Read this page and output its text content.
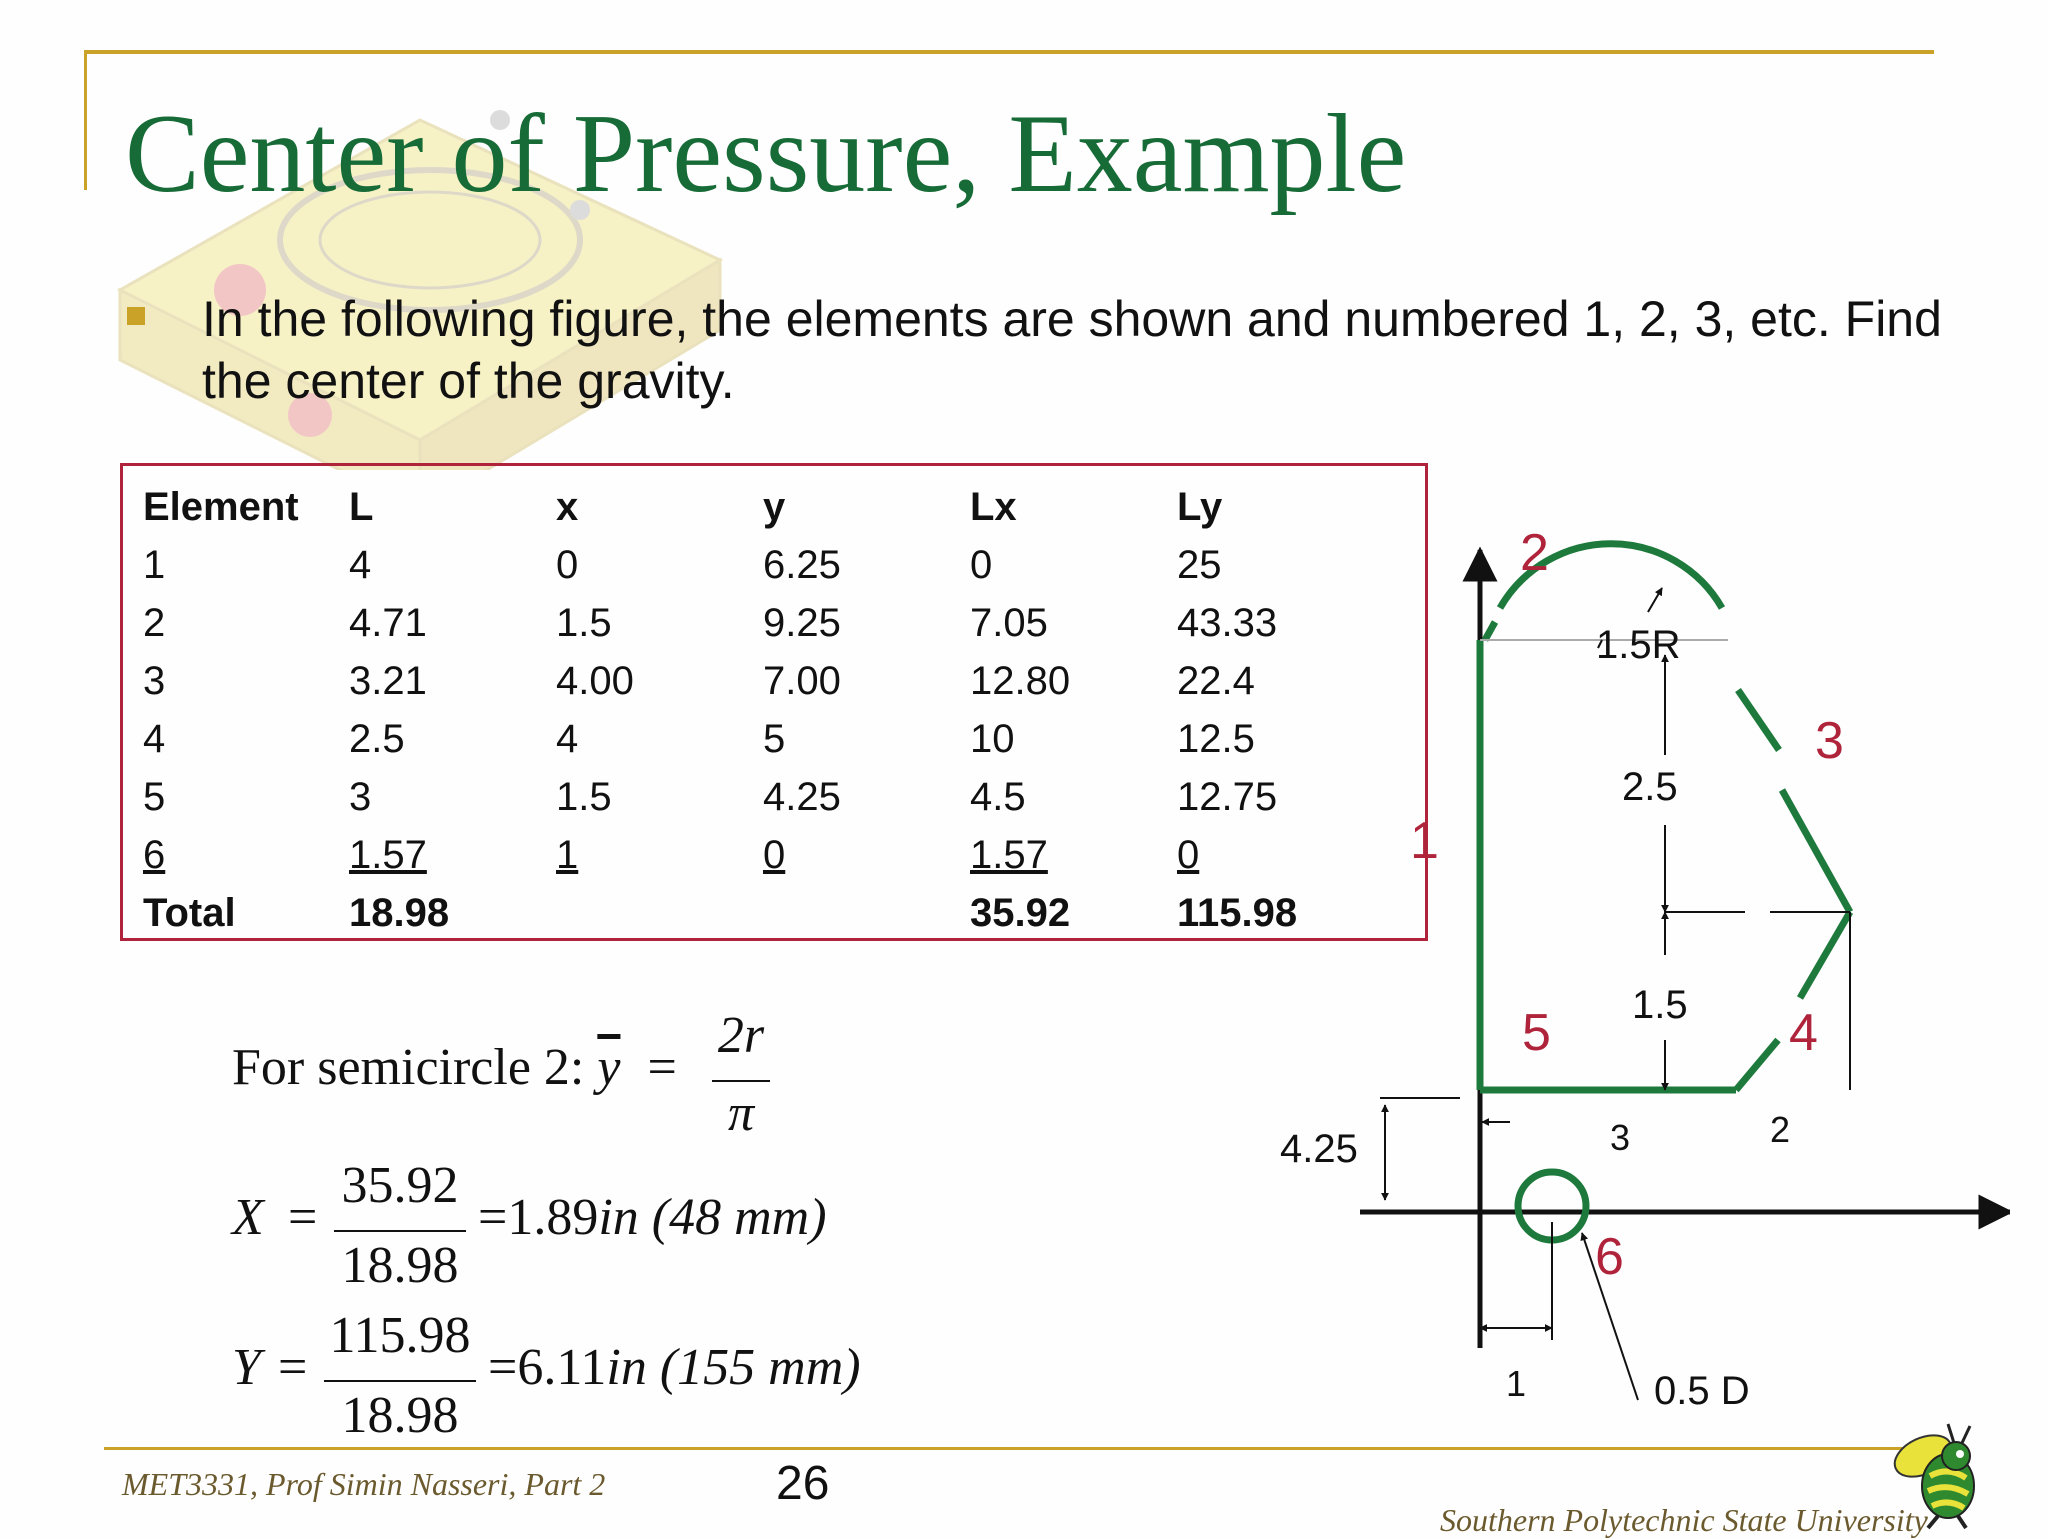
Center of Pressure, Example
In the following figure, the elements are shown and numbered 1, 2, 3, etc. Find the center of the gravity.
Element	L	x	y	Lx	Ly
1	4	0	6.25	0	25
2	4.71	1.5	9.25	7.05	43.33
3	3.21	4.00	7.00	12.80	22.4
4	2.5	4	5	10	12.5
5	3	1.5	4.25	4.5	12.75
6	1.57	1	0	1.57	0
Total	18.98			35.92	115.98
For semicircle 2: $\overline{y}$ =
2r
π
X =
35.92
18.98
=1.89in (48 mm)
Y =
115.98
18.98
=6.11in (155 mm)
1
2
3
4
5
6
1.5R
2.5
1.5
4.25	3	2
1	0.5 D
MET3331, Prof Simin Nasseri, Part 2	26
Southern Polytechnic State University
